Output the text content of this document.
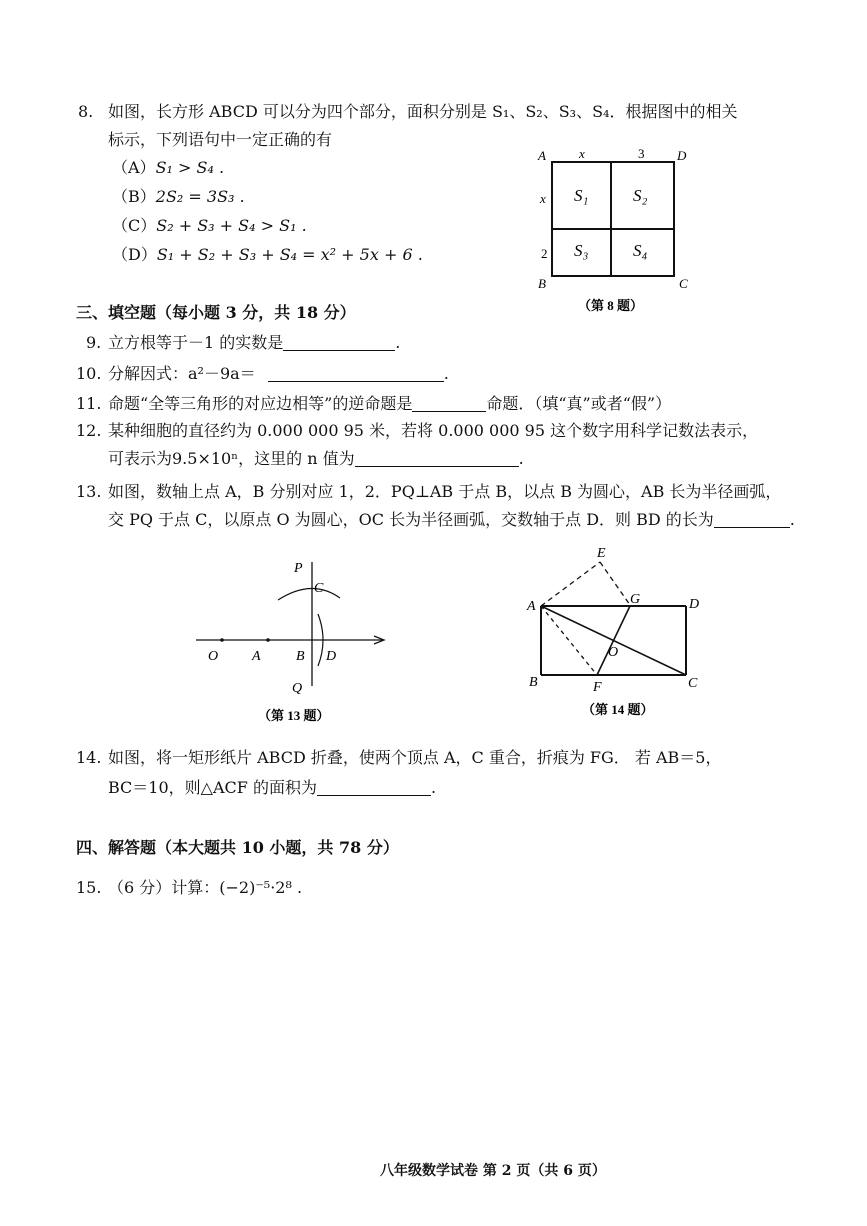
8. 如图，长方形 ABCD 可以分为四个部分，面积分别是 S₁、S₂、S₃、S₄．根据图中的相关
标示，下列语句中一定正确的有
（A）S₁ > S₄ .
（B）2S₂ = 3S₃ .
（C）S₂ + S₃ + S₄ > S₁ .
（D）S₁ + S₂ + S₃ + S₄ = x² + 5x + 6 .
A	D
B	C
x	3
x
2
S₁	S₂
S₃	S₄
（第 8 题）
三、填空题（每小题 3 分，共 18 分）
9. 立方根等于－1 的实数是	.
10. 分解因式：a²－9a＝	.
11. 命题“全等三角形的对应边相等”的逆命题是	命题．（填“真”或者“假”）
12. 某种细胞的直径约为 0.000 000 95 米，若将 0.000 000 95 这个数字用科学记数法表示，
可表示为9.5×10ⁿ，这里的 n 值为	.
13. 如图，数轴上点 A，B 分别对应 1，2．PQ⊥AB 于点 B，以点 B 为圆心，AB 长为半径画弧，
交 PQ 于点 C，以原点 O 为圆心，OC 长为半径画弧，交数轴于点 D．则 BD 的长为	.
P
C
O A	B D
Q
（第 13 题）
E
A	G	D
O
B	F	C
（第 14 题）
14. 如图，将一矩形纸片 ABCD 折叠，使两个顶点 A，C 重合，折痕为 FG． 若 AB＝5，
BC＝10，则△ACF 的面积为	.
四、解答题（本大题共 10 小题，共 78 分）
15. （6 分）计算：(−2)⁻⁵·2⁸ .
八年级数学试卷 第 2 页（共 6 页）
